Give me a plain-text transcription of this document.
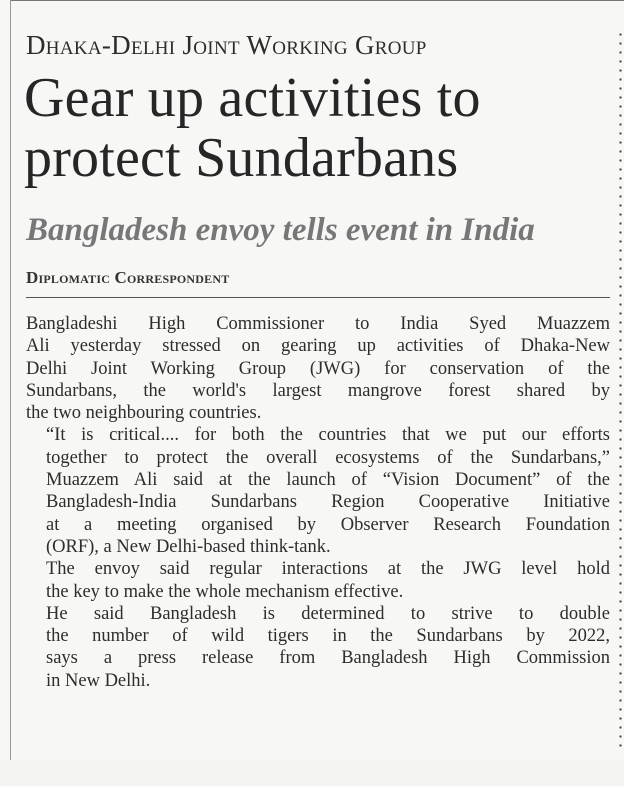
Dhaka-Delhi Joint Working Group
Gear up activities to
protect Sundarbans
Bangladesh envoy tells event in India
Diplomatic Correspondent

Bangladeshi High Commissioner to India Syed Muazzem
Ali yesterday stressed on gearing up activities of Dhaka-New
Delhi Joint Working Group (JWG) for conservation of the
Sundarbans, the world's largest mangrove forest shared by
the two neighbouring countries.

“It is critical.... for both the countries that we put our efforts
together to protect the overall ecosystems of the Sundarbans,”
Muazzem Ali said at the launch of “Vision Document” of the
Bangladesh-India Sundarbans Region Cooperative Initiative
at a meeting organised by Observer Research Foundation
(ORF), a New Delhi-based think-tank.

The envoy said regular interactions at the JWG level hold
the key to make the whole mechanism effective.

He said Bangladesh is determined to strive to double
the number of wild tigers in the Sundarbans by 2022,
says a press release from Bangladesh High Commission
in New Delhi.
